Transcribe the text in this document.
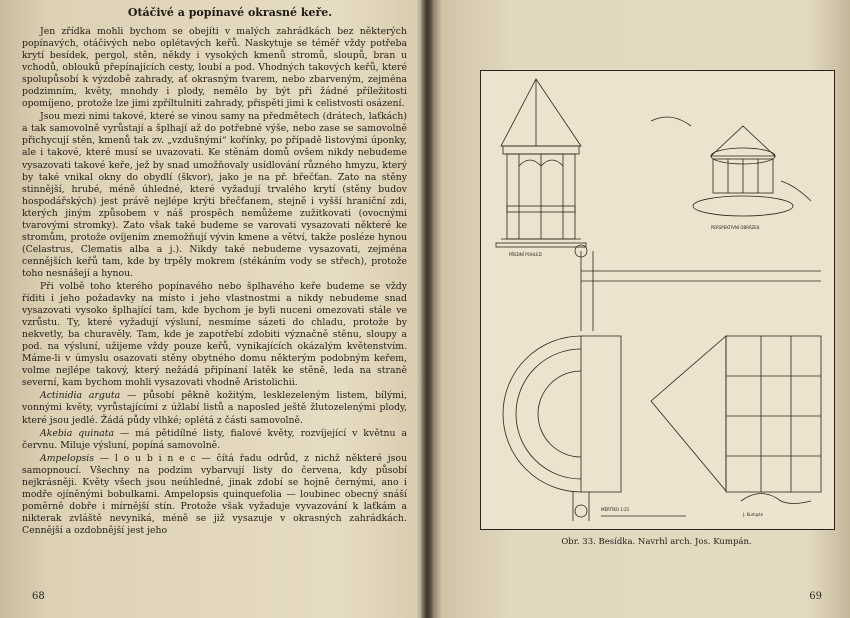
Otáčivé a popínavé okrasné keře.

Jen zřídka mohli bychom se obejíti v malých zahrádkách bez některých popínavých, otáčivých nebo oplétavých keřů. Naskytuje se téměř vždy potřeba krytí besídek, pergol, stěn, někdy i vysokých kmenů stromů, sloupů, bran u vchodů, oblouků přepínajících cesty, loubí a pod. Vhodných takových keřů, které spolupůsobí k výzdobě zahrady, ať okrasným tvarem, nebo zbarveným, zejména podzimním, květy, mnohdy i plody, nemělo by být při žádné příležitosti opomíjeno, protože lze jimi zpříltulniti zahrady, přispěti jimi k celistvosti osázení.

Jsou mezi nimi takové, které se vinou samy na předmětech (drátech, laťkách) a tak samovolně vyrůstají a šplhají až do potřebné výše, nebo zase se samovolně přichycují stěn, kmenů tak zv. „vzdušnými“ kořínky, po případě listovými úponky, ale i takové, které musí se uvazovati. Ke stěnám domů ovšem nikdy nebudeme vysazovati takové keře, jež by snad umožňovaly usídlování různého hmyzu, který by také vnikal okny do obydlí (škvor), jako je na př. břečťan. Zato na stěny stinnější, hrubé, méně úhledné, které vyžadují trvalého krytí (stěny budov hospodářských) jest právě nejlépe krýti břečťanem, stejně i vyšší hraniční zdi, kterých jiným způsobem v náš prospěch nemůžeme zužitkovati (ovocnými tvarovými stromky). Zato však také budeme se varovati vysazovati některé ke stromům, protože ovíjením znemožňují vývin kmene a větví, takže posléze hynou (Celastrus, Clematis alba a j.). Nikdy také nebudeme vysazovati, zejména cennějších keřů tam, kde by trpěly mokrem (stékáním vody se střech), protože toho nesnášejí a hynou.

Při volbě toho kterého popínavého nebo šplhavého keře budeme se vždy říditi i jeho požadavky na místo i jeho vlastnostmi a nikdy nebudeme snad vysazovati vysoko šplhající tam, kde bychom je byli nuceni omezovati stále ve vzrůstu. Ty, které vyžadují výsluní, nesmíme sázeti do chladu, protože by nekvetly, ba churavěly. Tam, kde je zapotřebí zdobiti význačně stěnu, sloupy a pod. na výsluní, užijeme vždy pouze keřů, vynikajících okázalým květenstvím. Máme-li v úmyslu osazovati stěny obytného domu některým podobným keřem, volme nejlépe takový, který nežádá připínaní latěk ke stěně, leda na straně severní, kam bychom mohli vysazovati vhodně Aristolichii.

Actinidia arguta — působí pěkně kožitým, lesklezeleným listem, bílými, vonnými květy, vyrůstajícími z úžlabí listů a naposled ještě žlutozelenými plody, které jsou jedlé. Žádá půdy vlhké; oplétá z části samovolně.

Akebia quinata — má pětidílné listy, fialové květy, rozvíjející v květnu a červnu. Miluje výsluní, popíná samovolně.

Ampelopsis — l o u b i n e c — čítá řadu odrůd, z nichž některé jsou samopnoucí. Všechny na podzim vybarvují listy do červena, kdy působí nejkrásněji. Květy všech jsou neúhledné, jinak zdobí se hojně černými, ano i modře ojíněnými bobulkami. Ampelopsis quinquefolia — loubinec obecný snáší poměrně dobře i mírnější stín. Protože však vyžaduje vyvazování k laťkám a nikterak zvláště nevyniká, méně se již vysazuje v okrasných zahrádkách. Cennější a ozdobnější jest jeho

68
MĚŘÍTKO 1:25
PŘEDNÍ POHLED
PERSPEKTIVNÍ OBRÁZEK
J. Kumpán
Obr. 33. Besídka. Navrhl arch. Jos. Kumpán.
69
